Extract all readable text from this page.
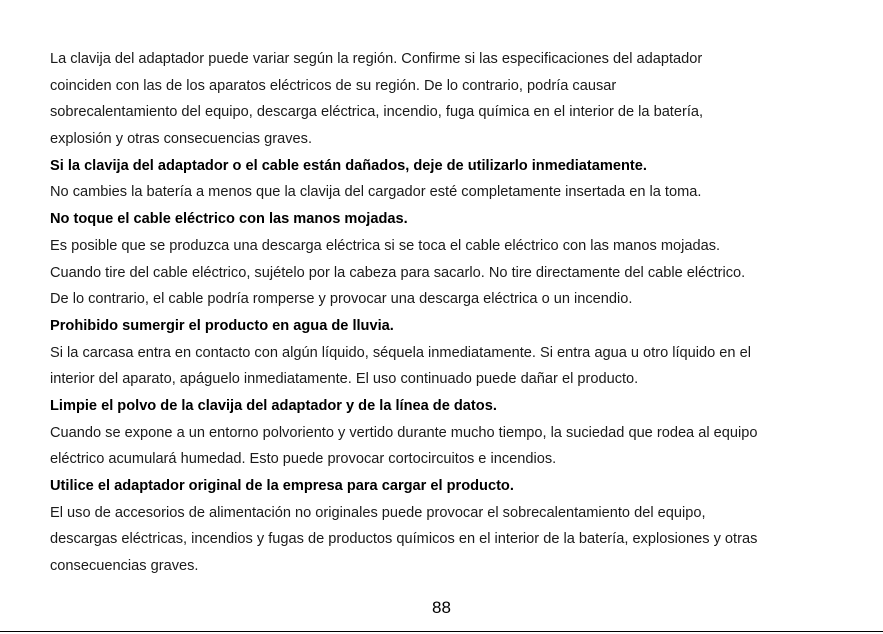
La clavija del adaptador puede variar según la región. Confirme si las especificaciones del adaptador
coinciden con las de los aparatos eléctricos de su región. De lo contrario, podría causar
sobrecalentamiento del equipo, descarga eléctrica, incendio, fuga química en el interior de la batería,
explosión y otras consecuencias graves.
Si la clavija del adaptador o el cable están dañados, deje de utilizarlo inmediatamente.
No cambies la batería a menos que la clavija del cargador esté completamente insertada en la toma.
No toque el cable eléctrico con las manos mojadas.
Es posible que se produzca una descarga eléctrica si se toca el cable eléctrico con las manos mojadas.
Cuando tire del cable eléctrico, sujételo por la cabeza para sacarlo. No tire directamente del cable eléctrico.
De lo contrario, el cable podría romperse y provocar una descarga eléctrica o un incendio.
Prohibido sumergir el producto en agua de lluvia.
Si la carcasa entra en contacto con algún líquido, séquela inmediatamente. Si entra agua u otro líquido en el
interior del aparato, apáguelo inmediatamente. El uso continuado puede dañar el producto.
Limpie el polvo de la clavija del adaptador y de la línea de datos.
Cuando se expone a un entorno polvoriento y vertido durante mucho tiempo, la suciedad que rodea al equipo
eléctrico acumulará humedad. Esto puede provocar cortocircuitos e incendios.
Utilice el adaptador original de la empresa para cargar el producto.
El uso de accesorios de alimentación no originales puede provocar el sobrecalentamiento del equipo,
descargas eléctricas, incendios y fugas de productos químicos en el interior de la batería, explosiones y otras
consecuencias graves.
88
